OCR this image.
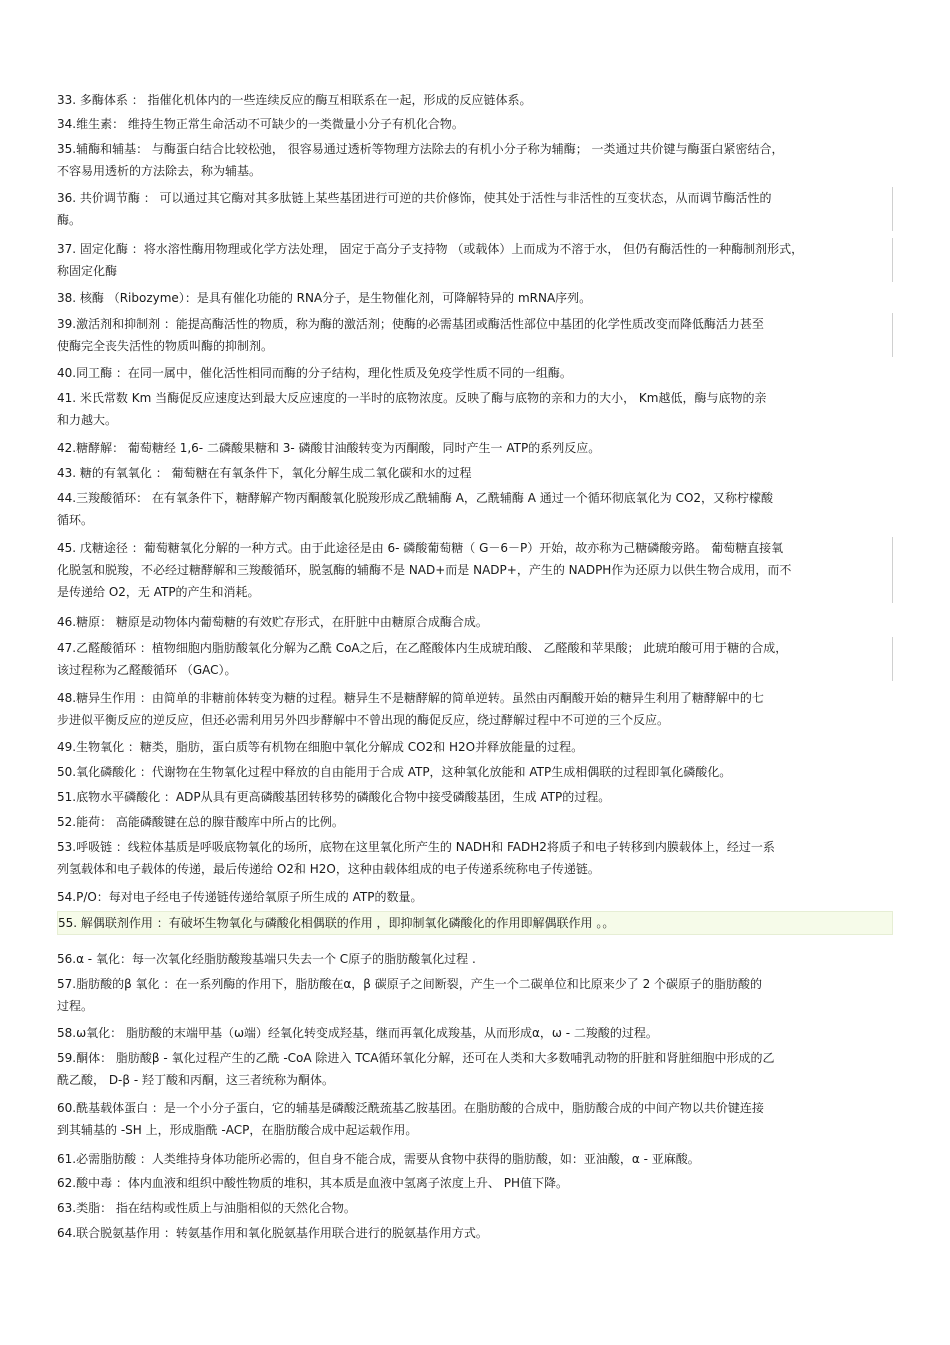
33. 多酶体系 ： 指催化机体内的一些连续反应的酶互相联系在一起，形成的反应链体系。
34.维生素： 维持生物正常生命活动不可缺少的一类微量小分子有机化合物。
35.辅酶和辅基： 与酶蛋白结合比较松弛， 很容易通过透析等物理方法除去的有机小分子称为辅酶； 一类通过共价键与酶蛋白紧密结合，
不容易用透析的方法除去，称为辅基。
36. 共价调节酶 ： 可以通过其它酶对其多肽链上某些基团进行可逆的共价修饰，使其处于活性与非活性的互变状态，从而调节酶活性的
酶。
37. 固定化酶 ：将水溶性酶用物理或化学方法处理， 固定于高分子支持物 （或载体）上而成为不溶于水， 但仍有酶活性的一种酶制剂形式，
称固定化酶
38. 核酶 （Ribozyme）：是具有催化功能的 RNA分子，是生物催化剂，可降解特异的 mRNA序列。
39.激活剂和抑制剂 ：能提高酶活性的物质，称为酶的激活剂；使酶的必需基团或酶活性部位中基团的化学性质改变而降低酶活力甚至
使酶完全丧失活性的物质叫酶的抑制剂。
40.同工酶 ：在同一属中，催化活性相同而酶的分子结构，理化性质及免疫学性质不同的一组酶。
41. 米氏常数 Km 当酶促反应速度达到最大反应速度的一半时的底物浓度。反映了酶与底物的亲和力的大小， Km越低，酶与底物的亲
和力越大。
42.糖酵解： 葡萄糖经 1,6- 二磷酸果糖和 3- 磷酸甘油酸转变为丙酮酸，同时产生一 ATP的系列反应。
43. 糖的有氧氧化 ： 葡萄糖在有氧条件下，氧化分解生成二氧化碳和水的过程
44.三羧酸循环： 在有氧条件下，糖酵解产物丙酮酸氧化脱羧形成乙酰辅酶 A，乙酰辅酶 A 通过一个循环彻底氧化为 CO2，又称柠檬酸
循环。
45. 戊糖途径 ：葡萄糖氧化分解的一种方式。由于此途径是由 6- 磷酸葡萄糖（ G－6－P）开始，故亦称为己糖磷酸旁路。 葡萄糖直接氧
化脱氢和脱羧，不必经过糖酵解和三羧酸循环，脱氢酶的辅酶不是 NAD+而是 NADP+，产生的 NADPH作为还原力以供生物合成用，而不
是传递给 O2，无 ATP的产生和消耗。
46.糖原： 糖原是动物体内葡萄糖的有效贮存形式，在肝脏中由糖原合成酶合成。
47.乙醛酸循环 ：植物细胞内脂肪酸氧化分解为乙酰 CoA之后，在乙醛酸体内生成琥珀酸、 乙醛酸和苹果酸； 此琥珀酸可用于糖的合成，
该过程称为乙醛酸循环 （GAC）。
48.糖异生作用 ：由简单的非糖前体转变为糖的过程。糖异生不是糖酵解的简单逆转。虽然由丙酮酸开始的糖异生利用了糖酵解中的七
步进似平衡反应的逆反应，但还必需利用另外四步酵解中不曾出现的酶促反应，绕过酵解过程中不可逆的三个反应。
49.生物氧化 ：糖类，脂肪，蛋白质等有机物在细胞中氧化分解成 CO2和 H2O并释放能量的过程。
50.氧化磷酸化 ：代谢物在生物氧化过程中释放的自由能用于合成 ATP，这种氧化放能和 ATP生成相偶联的过程即氧化磷酸化。
51.底物水平磷酸化 ：ADP从具有更高磷酸基团转移势的磷酸化合物中接受磷酸基团，生成 ATP的过程。
52.能荷： 高能磷酸键在总的腺苷酸库中所占的比例。
53.呼吸链 ：线粒体基质是呼吸底物氧化的场所，底物在这里氧化所产生的 NADH和 FADH2将质子和电子转移到内膜载体上，经过一系
列氢载体和电子载体的传递，最后传递给 O2和 H2O，这种由载体组成的电子传递系统称电子传递链。
54.P/O：每对电子经电子传递链传递给氧原子所生成的 ATP的数量。
55. 解偶联剂作用 ：有破坏生物氧化与磷酸化相偶联的作用 ，即抑制氧化磷酸化的作用即解偶联作用 。。
56.α - 氧化：每一次氧化经脂肪酸羧基端只失去一个 C原子的脂肪酸氧化过程 .
57.脂肪酸的β 氧化 ：在一系列酶的作用下，脂肪酸在α，β 碳原子之间断裂，产生一个二碳单位和比原来少了 2 个碳原子的脂肪酸的
过程。
58.ω氧化： 脂肪酸的末端甲基（ω端）经氧化转变成羟基，继而再氧化成羧基，从而形成α，ω - 二羧酸的过程。
59.酮体： 脂肪酸β - 氧化过程产生的乙酰 -CoA 除进入 TCA循环氧化分解，还可在人类和大多数哺乳动物的肝脏和肾脏细胞中形成的乙
酰乙酸， D-β - 羟丁酸和丙酮，这三者统称为酮体。
60.酰基载体蛋白 ：是一个小分子蛋白，它的辅基是磷酸泛酰巯基乙胺基团。在脂肪酸的合成中，脂肪酸合成的中间产物以共价键连接
到其辅基的 -SH 上，形成脂酰 -ACP，在脂肪酸合成中起运载作用。
61.必需脂肪酸 ：人类维持身体功能所必需的，但自身不能合成，需要从食物中获得的脂肪酸，如：亚油酸，α - 亚麻酸。
62.酸中毒 ：体内血液和组织中酸性物质的堆积，其本质是血液中氢离子浓度上升、 PH值下降。
63.类脂： 指在结构或性质上与油脂相似的天然化合物。
64.联合脱氨基作用 ：转氨基作用和氧化脱氨基作用联合进行的脱氨基作用方式。
